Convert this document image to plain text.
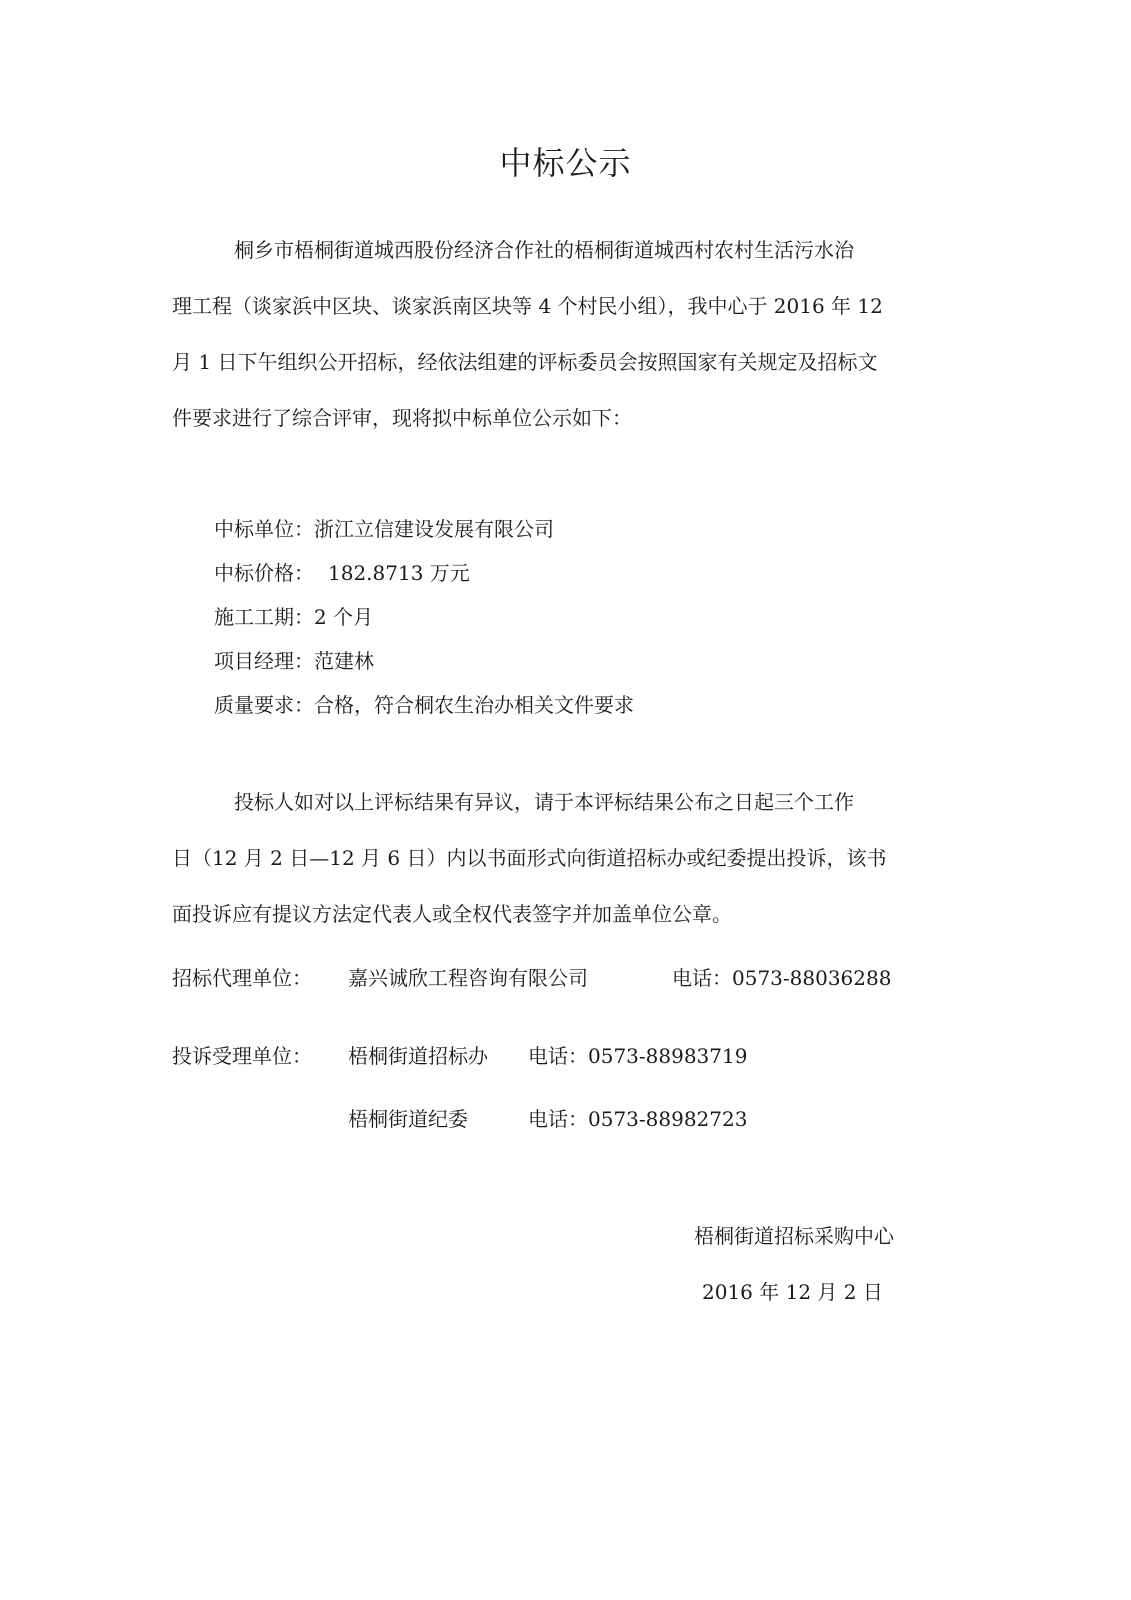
中标公示
桐乡市梧桐街道城西股份经济合作社的梧桐街道城西村农村生活污水治
理工程（谈家浜中区块、谈家浜南区块等 4 个村民小组），我中心于 2016 年 12
月 1 日下午组织公开招标，经依法组建的评标委员会按照国家有关规定及招标文
件要求进行了综合评审，现将拟中标单位公示如下：
中标单位：浙江立信建设发展有限公司
中标价格： 182.8713 万元
施工工期：2 个月
项目经理：范建林
质量要求：合格，符合桐农生治办相关文件要求
投标人如对以上评标结果有异议，请于本评标结果公布之日起三个工作
日（12 月 2 日—12 月 6 日）内以书面形式向街道招标办或纪委提出投诉，该书
面投诉应有提议方法定代表人或全权代表签字并加盖单位公章。
招标代理单位： 嘉兴诚欣工程咨询有限公司	电话：0573-88036288
投诉受理单位： 梧桐街道招标办 电话：0573-88983719
梧桐街道纪委	电话：0573-88982723
梧桐街道招标采购中心
2016 年 12 月 2 日
